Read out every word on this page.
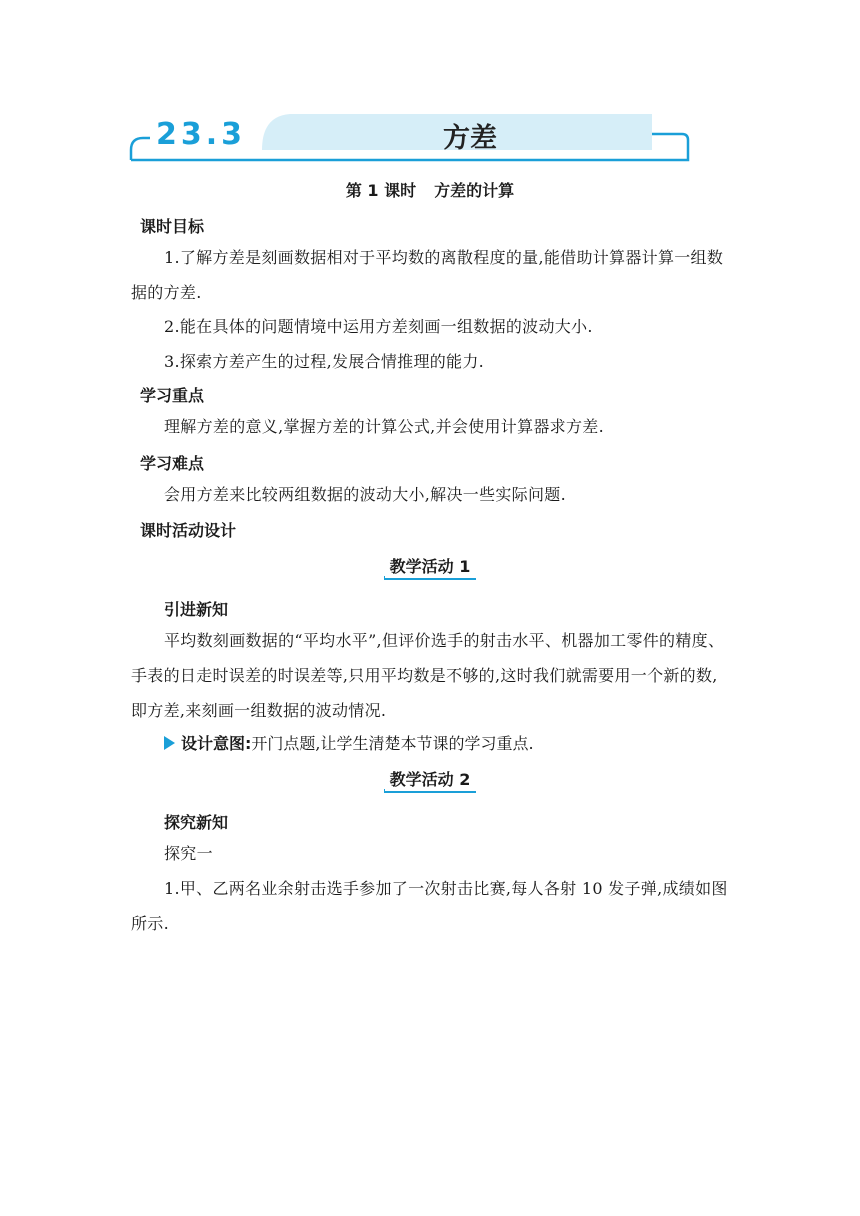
23.3	方差
第 1 课时 方差的计算
课时目标
1.了解方差是刻画数据相对于平均数的离散程度的量,能借助计算器计算一组数据的方差.
2.能在具体的问题情境中运用方差刻画一组数据的波动大小.
3.探索方差产生的过程,发展合情推理的能力.
学习重点
理解方差的意义,掌握方差的计算公式,并会使用计算器求方差.
学习难点
会用方差来比较两组数据的波动大小,解决一些实际问题.
课时活动设计
教学活动 1
引进新知
平均数刻画数据的“平均水平”,但评价选手的射击水平、机器加工零件的精度、手表的日走时误差的时误差等,只用平均数是不够的,这时我们就需要用一个新的数,即方差,来刻画一组数据的波动情况.
设计意图:开门点题,让学生清楚本节课的学习重点.
教学活动 2
探究新知
探究一
1.甲、乙两名业余射击选手参加了一次射击比赛,每人各射 10 发子弹,成绩如图所示.
